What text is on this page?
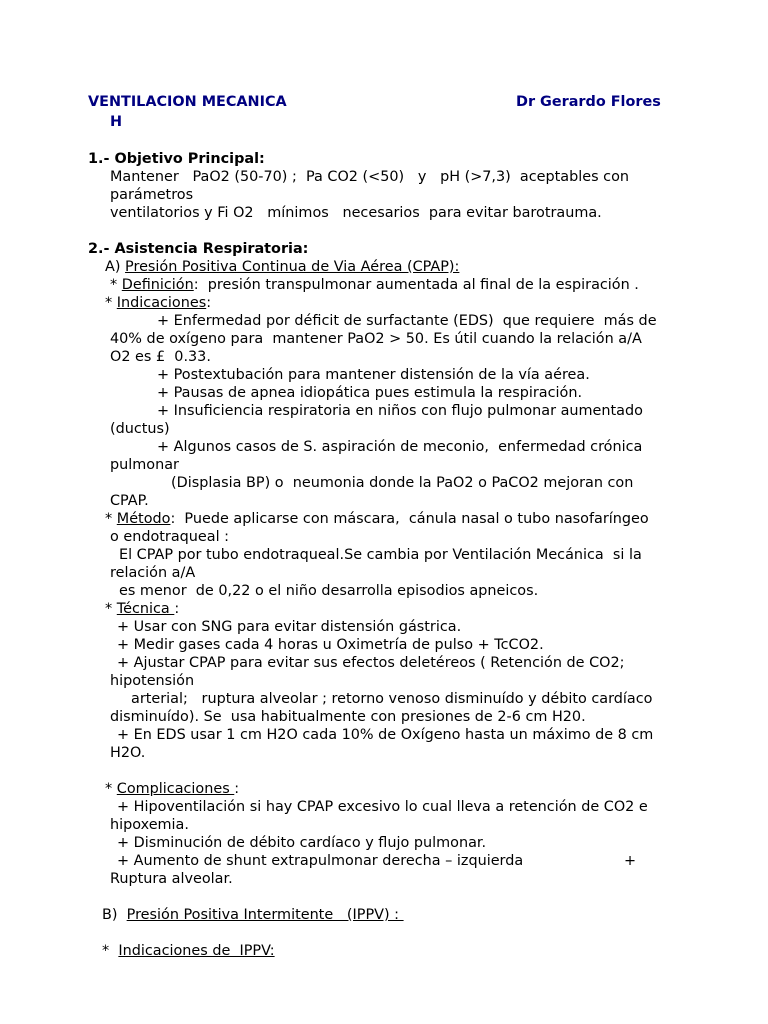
VENTILACION MECANICA	Dr Gerardo Flores
H
1.- Objetivo Principal:
Mantener   PaO2 (50-70) ;  Pa CO2 (<50)   y   pH (>7,3)  aceptables con
parámetros
ventilatorios y Fi O2   mínimos   necesarios  para evitar barotrauma.
2.- Asistencia Respiratoria:
A) Presión Positiva Continua de Via Aérea (CPAP):
* Definición:  presión transpulmonar aumentada al final de la espiración .
* Indicaciones:
+ Enfermedad por déficit de surfactante (EDS)  que requiere  más de
40% de oxígeno para  mantener PaO2 > 50. Es útil cuando la relación a/A
O2 es £  0.33.
+ Postextubación para mantener distensión de la vía aérea.
+ Pausas de apnea idiopática pues estimula la respiración.
+ Insuficiencia respiratoria en niños con flujo pulmonar aumentado
(ductus)
+ Algunos casos de S. aspiración de meconio,  enfermedad crónica
pulmonar
(Displasia BP) o  neumonia donde la PaO2 o PaCO2 mejoran con
CPAP.
* Método:  Puede aplicarse con máscara,  cánula nasal o tubo nasofaríngeo
o endotraqueal :
El CPAP por tubo endotraqueal.Se cambia por Ventilación Mecánica  si la
relación a/A
es menor  de 0,22 o el niño desarrolla episodios apneicos.
* Técnica :
+ Usar con SNG para evitar distensión gástrica.
+ Medir gases cada 4 horas u Oximetría de pulso + TcCO2.
+ Ajustar CPAP para evitar sus efectos deletéreos ( Retención de CO2;
hipotensión
arterial;   ruptura alveolar ; retorno venoso disminuído y débito cardíaco
disminuído). Se  usa habitualmente con presiones de 2-6 cm H20.
+ En EDS usar 1 cm H2O cada 10% de Oxígeno hasta un máximo de 8 cm
H2O.
* Complicaciones :
+ Hipoventilación si hay CPAP excesivo lo cual lleva a retención de CO2 e
hipoxemia.
+ Disminución de débito cardíaco y flujo pulmonar.
+ Aumento de shunt extrapulmonar derecha – izquierda	+
Ruptura alveolar.
B)  Presión Positiva Intermitente   (IPPV) :
*  Indicaciones de  IPPV:
